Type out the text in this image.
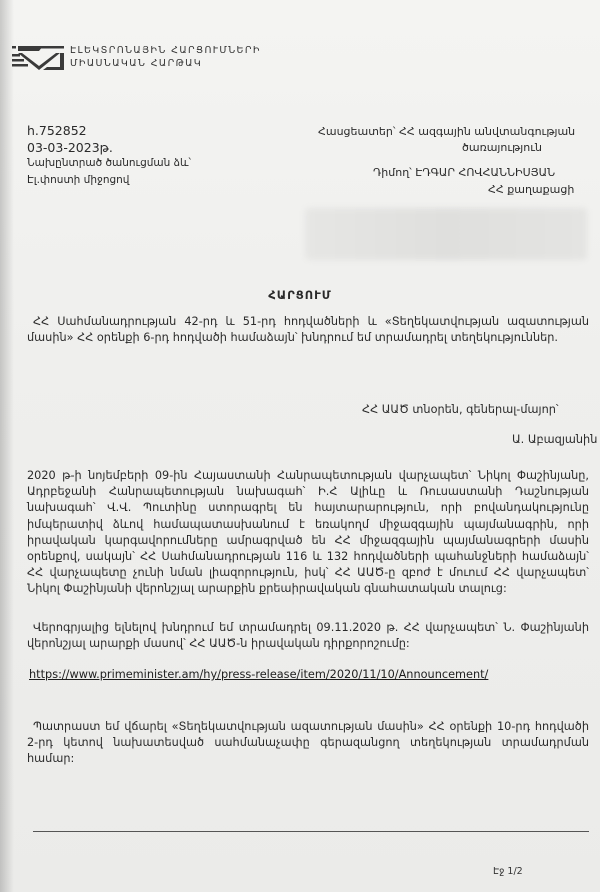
ԷԼԵԿՏՐՈՆԱՅԻՆ ՀԱՐՑՈՒՄՆԵՐԻ
ՄԻԱՍՆԱԿԱՆ ՀԱՐԹԱԿ
h.752852
03-03-2023թ.
Նախընտրած ծանուցման ձև՝
Էլ.փոստի միջոցով
Հասցեատեր՝ ՀՀ ազգային անվտանգության
ծառայություն
Դիմող՝ ԷԴԳԱՐ ՀՈՎՀԱՆՆԻՍՅԱՆ
ՀՀ քաղաքացի
ՀԱՐՑՈՒՄ

ՀՀ Սահմանադրության 42-րդ և 51-րդ հոդվածների և «Տեղեկատվության ազատության մասին» ՀՀ օրենքի 6-րդ հոդվածի համաձայն՝ խնդրում եմ տրամադրել տեղեկություններ.

ՀՀ ԱԱԾ տնօրեն, գեներալ-մայոր՝
Ա. Աբազյանին

2020 թ-ի նոյեմբերի 09-ին Հայաստանի Հանրապետության վարչապետ՝ Նիկոլ Փաշինյանը, Ադրբեջանի Հանրապետության նախագահ՝ Ի.Հ Ալիևը և Ռուսաստանի Դաշնության նախագահ՝ Վ.Վ. Պուտինը ստորագրել են հայտարարություն, որի բովանդակությունը իմպերատիվ ձևով համապատասխանում է եռակողմ միջազգային պայմանագրին, որի իրավական կարգավորումները ամրագրված են ՀՀ միջազգային պայմանագրերի մասին օրենքով, սակայն՝ ՀՀ Սահմանադրության 116 և 132 հոդվածների պահանջների համաձայն՝ ՀՀ վարչապետը չունի նման լիազորություն, իսկ՝ ՀՀ ԱԱԾ-ը զբոժ է մուում ՀՀ վարչապետ՝ Նիկոլ Փաշինյանի վերոնշյալ արարքին քրեաիրավական գնահատական տալուց:

Վերոգրյալից ելնելով խնդրում եմ տրամադրել 09.11.2020 թ. ՀՀ վարչապետ՝ Ն. Փաշինյանի վերոնշյալ արարքի մասով՝ ՀՀ ԱԱԾ-ն իրավական դիրքորոշումը:

https://www.primeminister.am/hy/press-release/item/2020/11/10/Announcement/

Պատրաստ եմ վճարել «Տեղեկատվության ազատության մասին» ՀՀ օրենքի 10-րդ հոդվածի 2-րդ կետով նախատեսված սահմանաչափը գերազանցող տեղեկության տրամադրման համար:

Էջ 1/2
